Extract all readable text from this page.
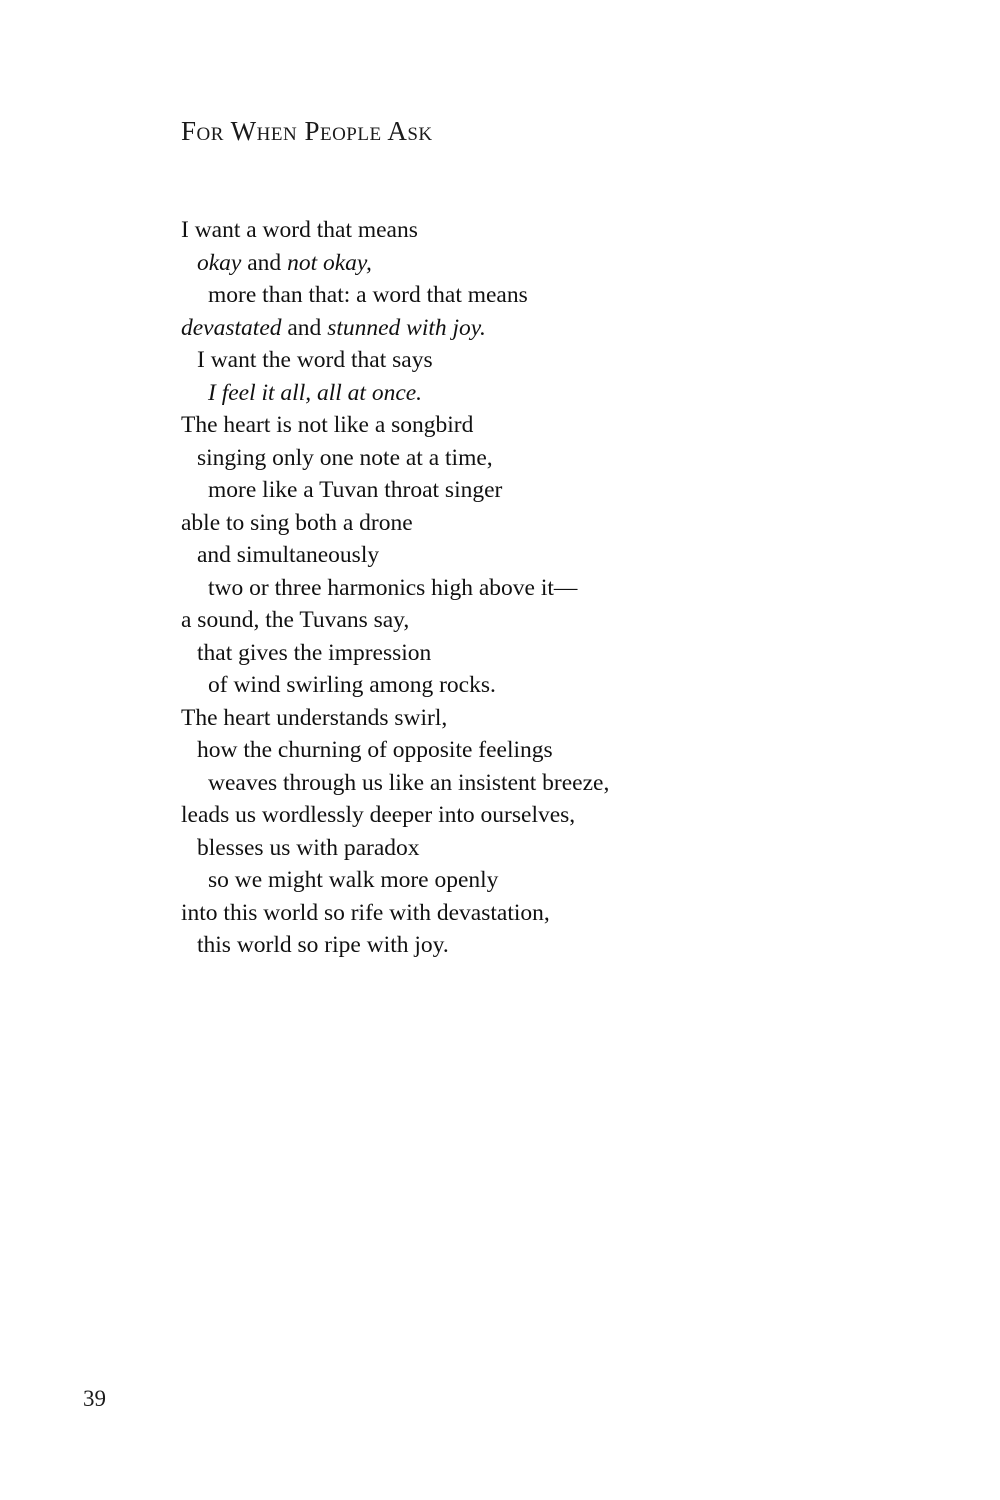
For When People Ask
I want a word that means
okay and not okay,
more than that: a word that means
devastated and stunned with joy.
I want the word that says
I feel it all, all at once.
The heart is not like a songbird
singing only one note at a time,
more like a Tuvan throat singer
able to sing both a drone
and simultaneously
two or three harmonics high above it—
a sound, the Tuvans say,
that gives the impression
of wind swirling among rocks.
The heart understands swirl,
how the churning of opposite feelings
weaves through us like an insistent breeze,
leads us wordlessly deeper into ourselves,
blesses us with paradox
so we might walk more openly
into this world so rife with devastation,
this world so ripe with joy.
39
